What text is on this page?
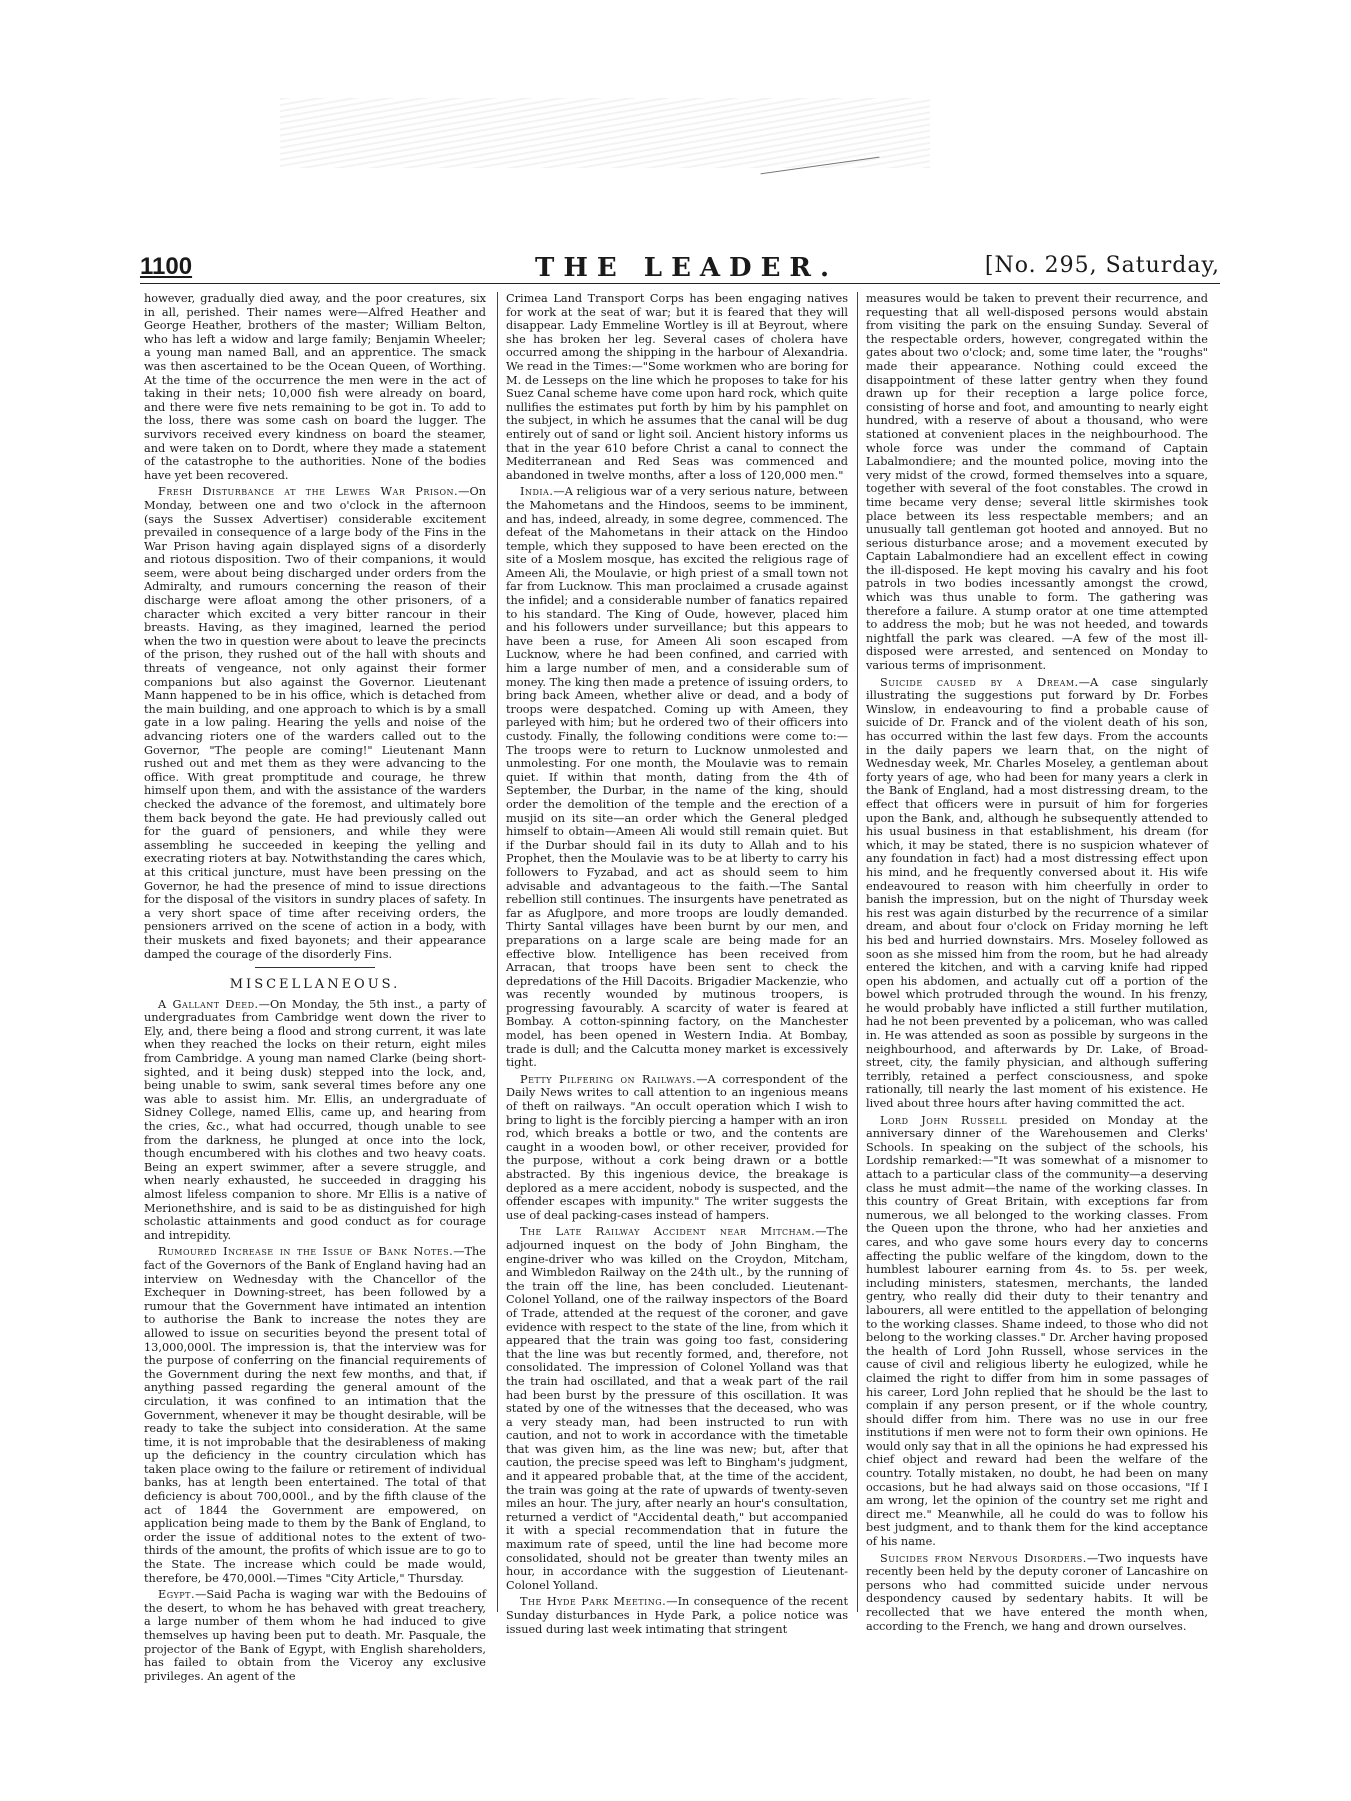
1100	THE LEADER.	[No. 295, Saturday,

however, gradually died away, and the poor creatures, six in all, perished. Their names were—Alfred Heather and George Heather, brothers of the master; William Belton, who has left a widow and large family; Benjamin Wheeler; a young man named Ball, and an apprentice. The smack was then ascertained to be the Ocean Queen, of Worthing. At the time of the occurrence the men were in the act of taking in their nets; 10,000 fish were already on board, and there were five nets remaining to be got in. To add to the loss, there was some cash on board the lugger. The survivors received every kindness on board the steamer, and were taken on to Dordt, where they made a statement of the catastrophe to the authorities. None of the bodies have yet been recovered.

Fresh Disturbance at the Lewes War Prison.—On Monday, between one and two o'clock in the afternoon (says the Sussex Advertiser) considerable excitement prevailed in consequence of a large body of the Fins in the War Prison having again displayed signs of a disorderly and riotous disposition. Two of their companions, it would seem, were about being discharged under orders from the Admiralty, and rumours concerning the reason of their discharge were afloat among the other prisoners, of a character which excited a very bitter rancour in their breasts. Having, as they imagined, learned the period when the two in question were about to leave the precincts of the prison, they rushed out of the hall with shouts and threats of vengeance, not only against their former companions but also against the Governor. Lieutenant Mann happened to be in his office, which is detached from the main building, and one approach to which is by a small gate in a low paling. Hearing the yells and noise of the advancing rioters one of the warders called out to the Governor, "The people are coming!" Lieutenant Mann rushed out and met them as they were advancing to the office. With great promptitude and courage, he threw himself upon them, and with the assistance of the warders checked the advance of the foremost, and ultimately bore them back beyond the gate. He had previously called out for the guard of pensioners, and while they were assembling he succeeded in keeping the yelling and execrating rioters at bay. Notwithstanding the cares which, at this critical juncture, must have been pressing on the Governor, he had the presence of mind to issue directions for the disposal of the visitors in sundry places of safety. In a very short space of time after receiving orders, the pensioners arrived on the scene of action in a body, with their muskets and fixed bayonets; and their appearance damped the courage of the disorderly Fins.

MISCELLANEOUS.

A Gallant Deed.—On Monday, the 5th inst., a party of undergraduates from Cambridge went down the river to Ely, and, there being a flood and strong current, it was late when they reached the locks on their return, eight miles from Cambridge. A young man named Clarke (being short-sighted, and it being dusk) stepped into the lock, and, being unable to swim, sank several times before any one was able to assist him. Mr. Ellis, an undergraduate of Sidney College, named Ellis, came up, and hearing from the cries, &c., what had occurred, though unable to see from the darkness, he plunged at once into the lock, though encumbered with his clothes and two heavy coats. Being an expert swimmer, after a severe struggle, and when nearly exhausted, he succeeded in dragging his almost lifeless companion to shore. Mr Ellis is a native of Merionethshire, and is said to be as distinguished for high scholastic attainments and good conduct as for courage and intrepidity.

Rumoured Increase in the Issue of Bank Notes.—The fact of the Governors of the Bank of England having had an interview on Wednesday with the Chancellor of the Exchequer in Downing-street, has been followed by a rumour that the Government have intimated an intention to authorise the Bank to increase the notes they are allowed to issue on securities beyond the present total of 13,000,000l. The impression is, that the interview was for the purpose of conferring on the financial requirements of the Government during the next few months, and that, if anything passed regarding the general amount of the circulation, it was confined to an intimation that the Government, whenever it may be thought desirable, will be ready to take the subject into consideration. At the same time, it is not improbable that the desirableness of making up the deficiency in the country circulation which has taken place owing to the failure or retirement of individual banks, has at length been entertained. The total of that deficiency is about 700,000l., and by the fifth clause of the act of 1844 the Government are empowered, on application being made to them by the Bank of England, to order the issue of additional notes to the extent of two-thirds of the amount, the profits of which issue are to go to the State. The increase which could be made would, therefore, be 470,000l.—Times "City Article," Thursday.

Egypt.—Said Pacha is waging war with the Bedouins of the desert, to whom he has behaved with great treachery, a large number of them whom he had induced to give themselves up having been put to death. Mr. Pasquale, the projector of the Bank of Egypt, with English shareholders, has failed to obtain from the Viceroy any exclusive privileges. An agent of the

Crimea Land Transport Corps has been engaging natives for work at the seat of war; but it is feared that they will disappear. Lady Emmeline Wortley is ill at Beyrout, where she has broken her leg. Several cases of cholera have occurred among the shipping in the harbour of Alexandria. We read in the Times:—"Some workmen who are boring for M. de Lesseps on the line which he proposes to take for his Suez Canal scheme have come upon hard rock, which quite nullifies the estimates put forth by him by his pamphlet on the subject, in which he assumes that the canal will be dug entirely out of sand or light soil. Ancient history informs us that in the year 610 before Christ a canal to connect the Mediterranean and Red Seas was commenced and abandoned in twelve months, after a loss of 120,000 men."

India.—A religious war of a very serious nature, between the Mahometans and the Hindoos, seems to be imminent, and has, indeed, already, in some degree, commenced. The defeat of the Mahometans in their attack on the Hindoo temple, which they supposed to have been erected on the site of a Moslem mosque, has excited the religious rage of Ameen Ali, the Moulavie, or high priest of a small town not far from Lucknow. This man proclaimed a crusade against the infidel; and a considerable number of fanatics repaired to his standard. The King of Oude, however, placed him and his followers under surveillance; but this appears to have been a ruse, for Ameen Ali soon escaped from Lucknow, where he had been confined, and carried with him a large number of men, and a considerable sum of money. The king then made a pretence of issuing orders, to bring back Ameen, whether alive or dead, and a body of troops were despatched. Coming up with Ameen, they parleyed with him; but he ordered two of their officers into custody. Finally, the following conditions were come to:—The troops were to return to Lucknow unmolested and unmolesting. For one month, the Moulavie was to remain quiet. If within that month, dating from the 4th of September, the Durbar, in the name of the king, should order the demolition of the temple and the erection of a musjid on its site—an order which the General pledged himself to obtain—Ameen Ali would still remain quiet. But if the Durbar should fail in its duty to Allah and to his Prophet, then the Moulavie was to be at liberty to carry his followers to Fyzabad, and act as should seem to him advisable and advantageous to the faith.—The Santal rebellion still continues. The insurgents have penetrated as far as Afuglpore, and more troops are loudly demanded. Thirty Santal villages have been burnt by our men, and preparations on a large scale are being made for an effective blow. Intelligence has been received from Arracan, that troops have been sent to check the depredations of the Hill Dacoits. Brigadier Mackenzie, who was recently wounded by mutinous troopers, is progressing favourably. A scarcity of water is feared at Bombay. A cotton-spinning factory, on the Manchester model, has been opened in Western India. At Bombay, trade is dull; and the Calcutta money market is excessively tight.

Petty Pilfering on Railways.—A correspondent of the Daily News writes to call attention to an ingenious means of theft on railways. "An occult operation which I wish to bring to light is the forcibly piercing a hamper with an iron rod, which breaks a bottle or two, and the contents are caught in a wooden bowl, or other receiver, provided for the purpose, without a cork being drawn or a bottle abstracted. By this ingenious device, the breakage is deplored as a mere accident, nobody is suspected, and the offender escapes with impunity." The writer suggests the use of deal packing-cases instead of hampers.

The Late Railway Accident near Mitcham.—The adjourned inquest on the body of John Bingham, the engine-driver who was killed on the Croydon, Mitcham, and Wimbledon Railway on the 24th ult., by the running of the train off the line, has been concluded. Lieutenant-Colonel Yolland, one of the railway inspectors of the Board of Trade, attended at the request of the coroner, and gave evidence with respect to the state of the line, from which it appeared that the train was going too fast, considering that the line was but recently formed, and, therefore, not consolidated. The impression of Colonel Yolland was that the train had oscillated, and that a weak part of the rail had been burst by the pressure of this oscillation. It was stated by one of the witnesses that the deceased, who was a very steady man, had been instructed to run with caution, and not to work in accordance with the timetable that was given him, as the line was new; but, after that caution, the precise speed was left to Bingham's judgment, and it appeared probable that, at the time of the accident, the train was going at the rate of upwards of twenty-seven miles an hour. The jury, after nearly an hour's consultation, returned a verdict of "Accidental death," but accompanied it with a special recommendation that in future the maximum rate of speed, until the line had become more consolidated, should not be greater than twenty miles an hour, in accordance with the suggestion of Lieutenant-Colonel Yolland.

The Hyde Park Meeting.—In consequence of the recent Sunday disturbances in Hyde Park, a police notice was issued during last week intimating that stringent

measures would be taken to prevent their recurrence, and requesting that all well-disposed persons would abstain from visiting the park on the ensuing Sunday. Several of the respectable orders, however, congregated within the gates about two o'clock; and, some time later, the "roughs" made their appearance. Nothing could exceed the disappointment of these latter gentry when they found drawn up for their reception a large police force, consisting of horse and foot, and amounting to nearly eight hundred, with a reserve of about a thousand, who were stationed at convenient places in the neighbourhood. The whole force was under the command of Captain Labalmondiere; and the mounted police, moving into the very midst of the crowd, formed themselves into a square, together with several of the foot constables. The crowd in time became very dense; several little skirmishes took place between its less respectable members; and an unusually tall gentleman got hooted and annoyed. But no serious disturbance arose; and a movement executed by Captain Labalmondiere had an excellent effect in cowing the ill-disposed. He kept moving his cavalry and his foot patrols in two bodies incessantly amongst the crowd, which was thus unable to form. The gathering was therefore a failure. A stump orator at one time attempted to address the mob; but he was not heeded, and towards nightfall the park was cleared. —A few of the most ill-disposed were arrested, and sentenced on Monday to various terms of imprisonment.

Suicide caused by a Dream.—A case singularly illustrating the suggestions put forward by Dr. Forbes Winslow, in endeavouring to find a probable cause of suicide of Dr. Franck and of the violent death of his son, has occurred within the last few days. From the accounts in the daily papers we learn that, on the night of Wednesday week, Mr. Charles Moseley, a gentleman about forty years of age, who had been for many years a clerk in the Bank of England, had a most distressing dream, to the effect that officers were in pursuit of him for forgeries upon the Bank, and, although he subsequently attended to his usual business in that establishment, his dream (for which, it may be stated, there is no suspicion whatever of any foundation in fact) had a most distressing effect upon his mind, and he frequently conversed about it. His wife endeavoured to reason with him cheerfully in order to banish the impression, but on the night of Thursday week his rest was again disturbed by the recurrence of a similar dream, and about four o'clock on Friday morning he left his bed and hurried downstairs. Mrs. Moseley followed as soon as she missed him from the room, but he had already entered the kitchen, and with a carving knife had ripped open his abdomen, and actually cut off a portion of the bowel which protruded through the wound. In his frenzy, he would probably have inflicted a still further mutilation, had he not been prevented by a policeman, who was called in. He was attended as soon as possible by surgeons in the neighbourhood, and afterwards by Dr. Lake, of Broad-street, city, the family physician, and although suffering terribly, retained a perfect consciousness, and spoke rationally, till nearly the last moment of his existence. He lived about three hours after having committed the act.

Lord John Russell presided on Monday at the anniversary dinner of the Warehousemen and Clerks' Schools. In speaking on the subject of the schools, his Lordship remarked:—"It was somewhat of a misnomer to attach to a particular class of the community—a deserving class he must admit—the name of the working classes. In this country of Great Britain, with exceptions far from numerous, we all belonged to the working classes. From the Queen upon the throne, who had her anxieties and cares, and who gave some hours every day to concerns affecting the public welfare of the kingdom, down to the humblest labourer earning from 4s. to 5s. per week, including ministers, statesmen, merchants, the landed gentry, who really did their duty to their tenantry and labourers, all were entitled to the appellation of belonging to the working classes. Shame indeed, to those who did not belong to the working classes." Dr. Archer having proposed the health of Lord John Russell, whose services in the cause of civil and religious liberty he eulogized, while he claimed the right to differ from him in some passages of his career, Lord John replied that he should be the last to complain if any person present, or if the whole country, should differ from him. There was no use in our free institutions if men were not to form their own opinions. He would only say that in all the opinions he had expressed his chief object and reward had been the welfare of the country. Totally mistaken, no doubt, he had been on many occasions, but he had always said on those occasions, "If I am wrong, let the opinion of the country set me right and direct me." Meanwhile, all he could do was to follow his best judgment, and to thank them for the kind acceptance of his name.

Suicides from Nervous Disorders.—Two inquests have recently been held by the deputy coroner of Lancashire on persons who had committed suicide under nervous despondency caused by sedentary habits. It will be recollected that we have entered the month when, according to the French, we hang and drown ourselves.
